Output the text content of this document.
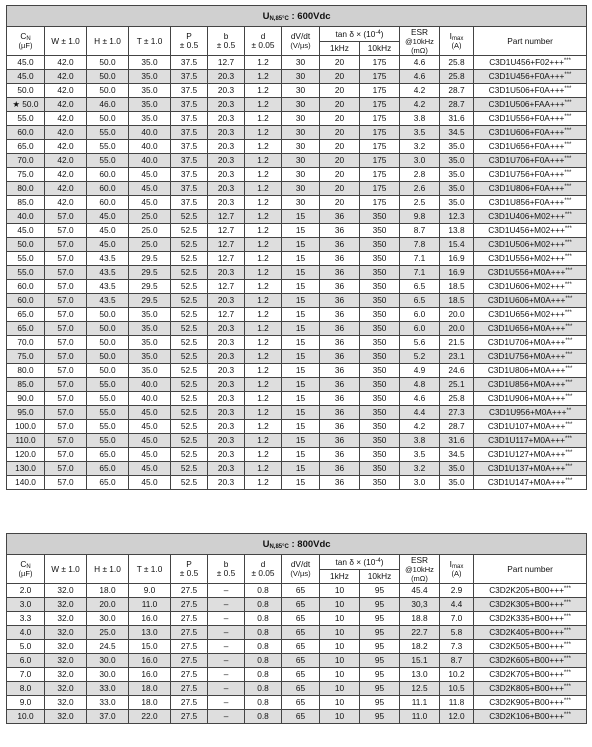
$U_{N,85^\circ C}$ : 600Vdc												
$C_N$
(µF)	W ± 1.0	H ± 1.0	T ± 1.0	P
± 0.5	b
± 0.5	d
± 0.05	dV/dt
(V/µs)	$\tan \delta \times (10^{-4})$		ESR
@10kHz
(mΩ)	$I_{max}$
(A)	Part number
								1kHz	10kHz			
45.0	42.0	50.0	35.0	37.5	12.7	1.2	30	20	175	4.6	25.8	C3D1U456+F02+++***
45.0	42.0	50.0	35.0	37.5	20.3	1.2	30	20	175	4.6	25.8	C3D1U456+F0A+++***
50.0	42.0	50.0	35.0	37.5	20.3	1.2	30	20	175	4.2	28.7	C3D1U506+F0A+++***
★ 50.0	42.0	46.0	35.0	37.5	20.3	1.2	30	20	175	4.2	28.7	C3D1U506+FAA+++***
55.0	42.0	50.0	35.0	37.5	20.3	1.2	30	20	175	3.8	31.6	C3D1U556+F0A+++***
60.0	42.0	55.0	40.0	37.5	20.3	1.2	30	20	175	3.5	34.5	C3D1U606+F0A+++***
65.0	42.0	55.0	40.0	37.5	20.3	1.2	30	20	175	3.2	35.0	C3D1U656+F0A+++***
70.0	42.0	55.0	40.0	37.5	20.3	1.2	30	20	175	3.0	35.0	C3D1U706+F0A+++***
75.0	42.0	60.0	45.0	37.5	20.3	1.2	30	20	175	2.8	35.0	C3D1U756+F0A+++***
80.0	42.0	60.0	45.0	37.5	20.3	1.2	30	20	175	2.6	35.0	C3D1U806+F0A+++***
85.0	42.0	60.0	45.0	37.5	20.3	1.2	30	20	175	2.5	35.0	C3D1U856+F0A+++***
40.0	57.0	45.0	25.0	52.5	12.7	1.2	15	36	350	9.8	12.3	C3D1U406+M02+++***
45.0	57.0	45.0	25.0	52.5	12.7	1.2	15	36	350	8.7	13.8	C3D1U456+M02+++***
50.0	57.0	45.0	25.0	52.5	12.7	1.2	15	36	350	7.8	15.4	C3D1U506+M02+++***
55.0	57.0	43.5	29.5	52.5	12.7	1.2	15	36	350	7.1	16.9	C3D1U556+M02+++***
55.0	57.0	43.5	29.5	52.5	20.3	1.2	15	36	350	7.1	16.9	C3D1U556+M0A+++***
60.0	57.0	43.5	29.5	52.5	12.7	1.2	15	36	350	6.5	18.5	C3D1U606+M02+++***
60.0	57.0	43.5	29.5	52.5	20.3	1.2	15	36	350	6.5	18.5	C3D1U606+M0A+++***
65.0	57.0	50.0	35.0	52.5	12.7	1.2	15	36	350	6.0	20.0	C3D1U656+M02+++***
65.0	57.0	50.0	35.0	52.5	20.3	1.2	15	36	350	6.0	20.0	C3D1U656+M0A+++***
70.0	57.0	50.0	35.0	52.5	20.3	1.2	15	36	350	5.6	21.5	C3D1U706+M0A+++***
75.0	57.0	50.0	35.0	52.5	20.3	1.2	15	36	350	5.2	23.1	C3D1U756+M0A+++***
80.0	57.0	50.0	35.0	52.5	20.3	1.2	15	36	350	4.9	24.6	C3D1U806+M0A+++***
85.0	57.0	55.0	40.0	52.5	20.3	1.2	15	36	350	4.8	25.1	C3D1U856+M0A+++***
90.0	57.0	55.0	40.0	52.5	20.3	1.2	15	36	350	4.6	25.8	C3D1U906+M0A+++***
95.0	57.0	55.0	45.0	52.5	20.3	1.2	15	36	350	4.4	27.3	C3D1U956+M0A+++**
100.0	57.0	55.0	45.0	52.5	20.3	1.2	15	36	350	4.2	28.7	C3D1U107+M0A+++***
110.0	57.0	55.0	45.0	52.5	20.3	1.2	15	36	350	3.8	31.6	C3D1U117+M0A+++***
120.0	57.0	65.0	45.0	52.5	20.3	1.2	15	36	350	3.5	34.5	C3D1U127+M0A+++***
130.0	57.0	65.0	45.0	52.5	20.3	1.2	15	36	350	3.2	35.0	C3D1U137+M0A+++***
140.0	57.0	65.0	45.0	52.5	20.3	1.2	15	36	350	3.0	35.0	C3D1U147+M0A+++***
$U_{N,85^\circ C}$ : 800Vdc												
$C_N$
(µF)	W ± 1.0	H ± 1.0	T ± 1.0	P
± 0.5	b
± 0.5	d
± 0.05	dV/dt
(V/µs)	$\tan \delta \times (10^{-4})$		ESR
@10kHz
(mΩ)	$I_{max}$
(A)	Part number
								1kHz	10kHz			
2.0	32.0	18.0	9.0	27.5	–	0.8	65	10	95	45.4	2.9	C3D2K205+B00+++***
3.0	32.0	20.0	11.0	27.5	–	0.8	65	10	95	30,3	4.4	C3D2K305+B00+++***
3.3	32.0	30.0	16.0	27.5	–	0.8	65	10	95	18.8	7.0	C3D2K335+B00+++***
4.0	32.0	25.0	13.0	27.5	–	0.8	65	10	95	22.7	5.8	C3D2K405+B00+++***
5.0	32.0	24.5	15.0	27.5	–	0.8	65	10	95	18.2	7.3	C3D2K505+B00+++***
6.0	32.0	30.0	16.0	27.5	–	0.8	65	10	95	15.1	8.7	C3D2K605+B00+++***
7.0	32.0	30.0	16.0	27.5	–	0.8	65	10	95	13.0	10.2	C3D2K705+B00+++***
8.0	32.0	33.0	18.0	27.5	–	0.8	65	10	95	12.5	10.5	C3D2K805+B00+++***
9.0	32.0	33.0	18.0	27.5	–	0.8	65	10	95	11.1	11.8	C3D2K905+B00+++***
10.0	32.0	37.0	22.0	27.5	–	0.8	65	10	95	11.0	12.0	C3D2K106+B00+++***
